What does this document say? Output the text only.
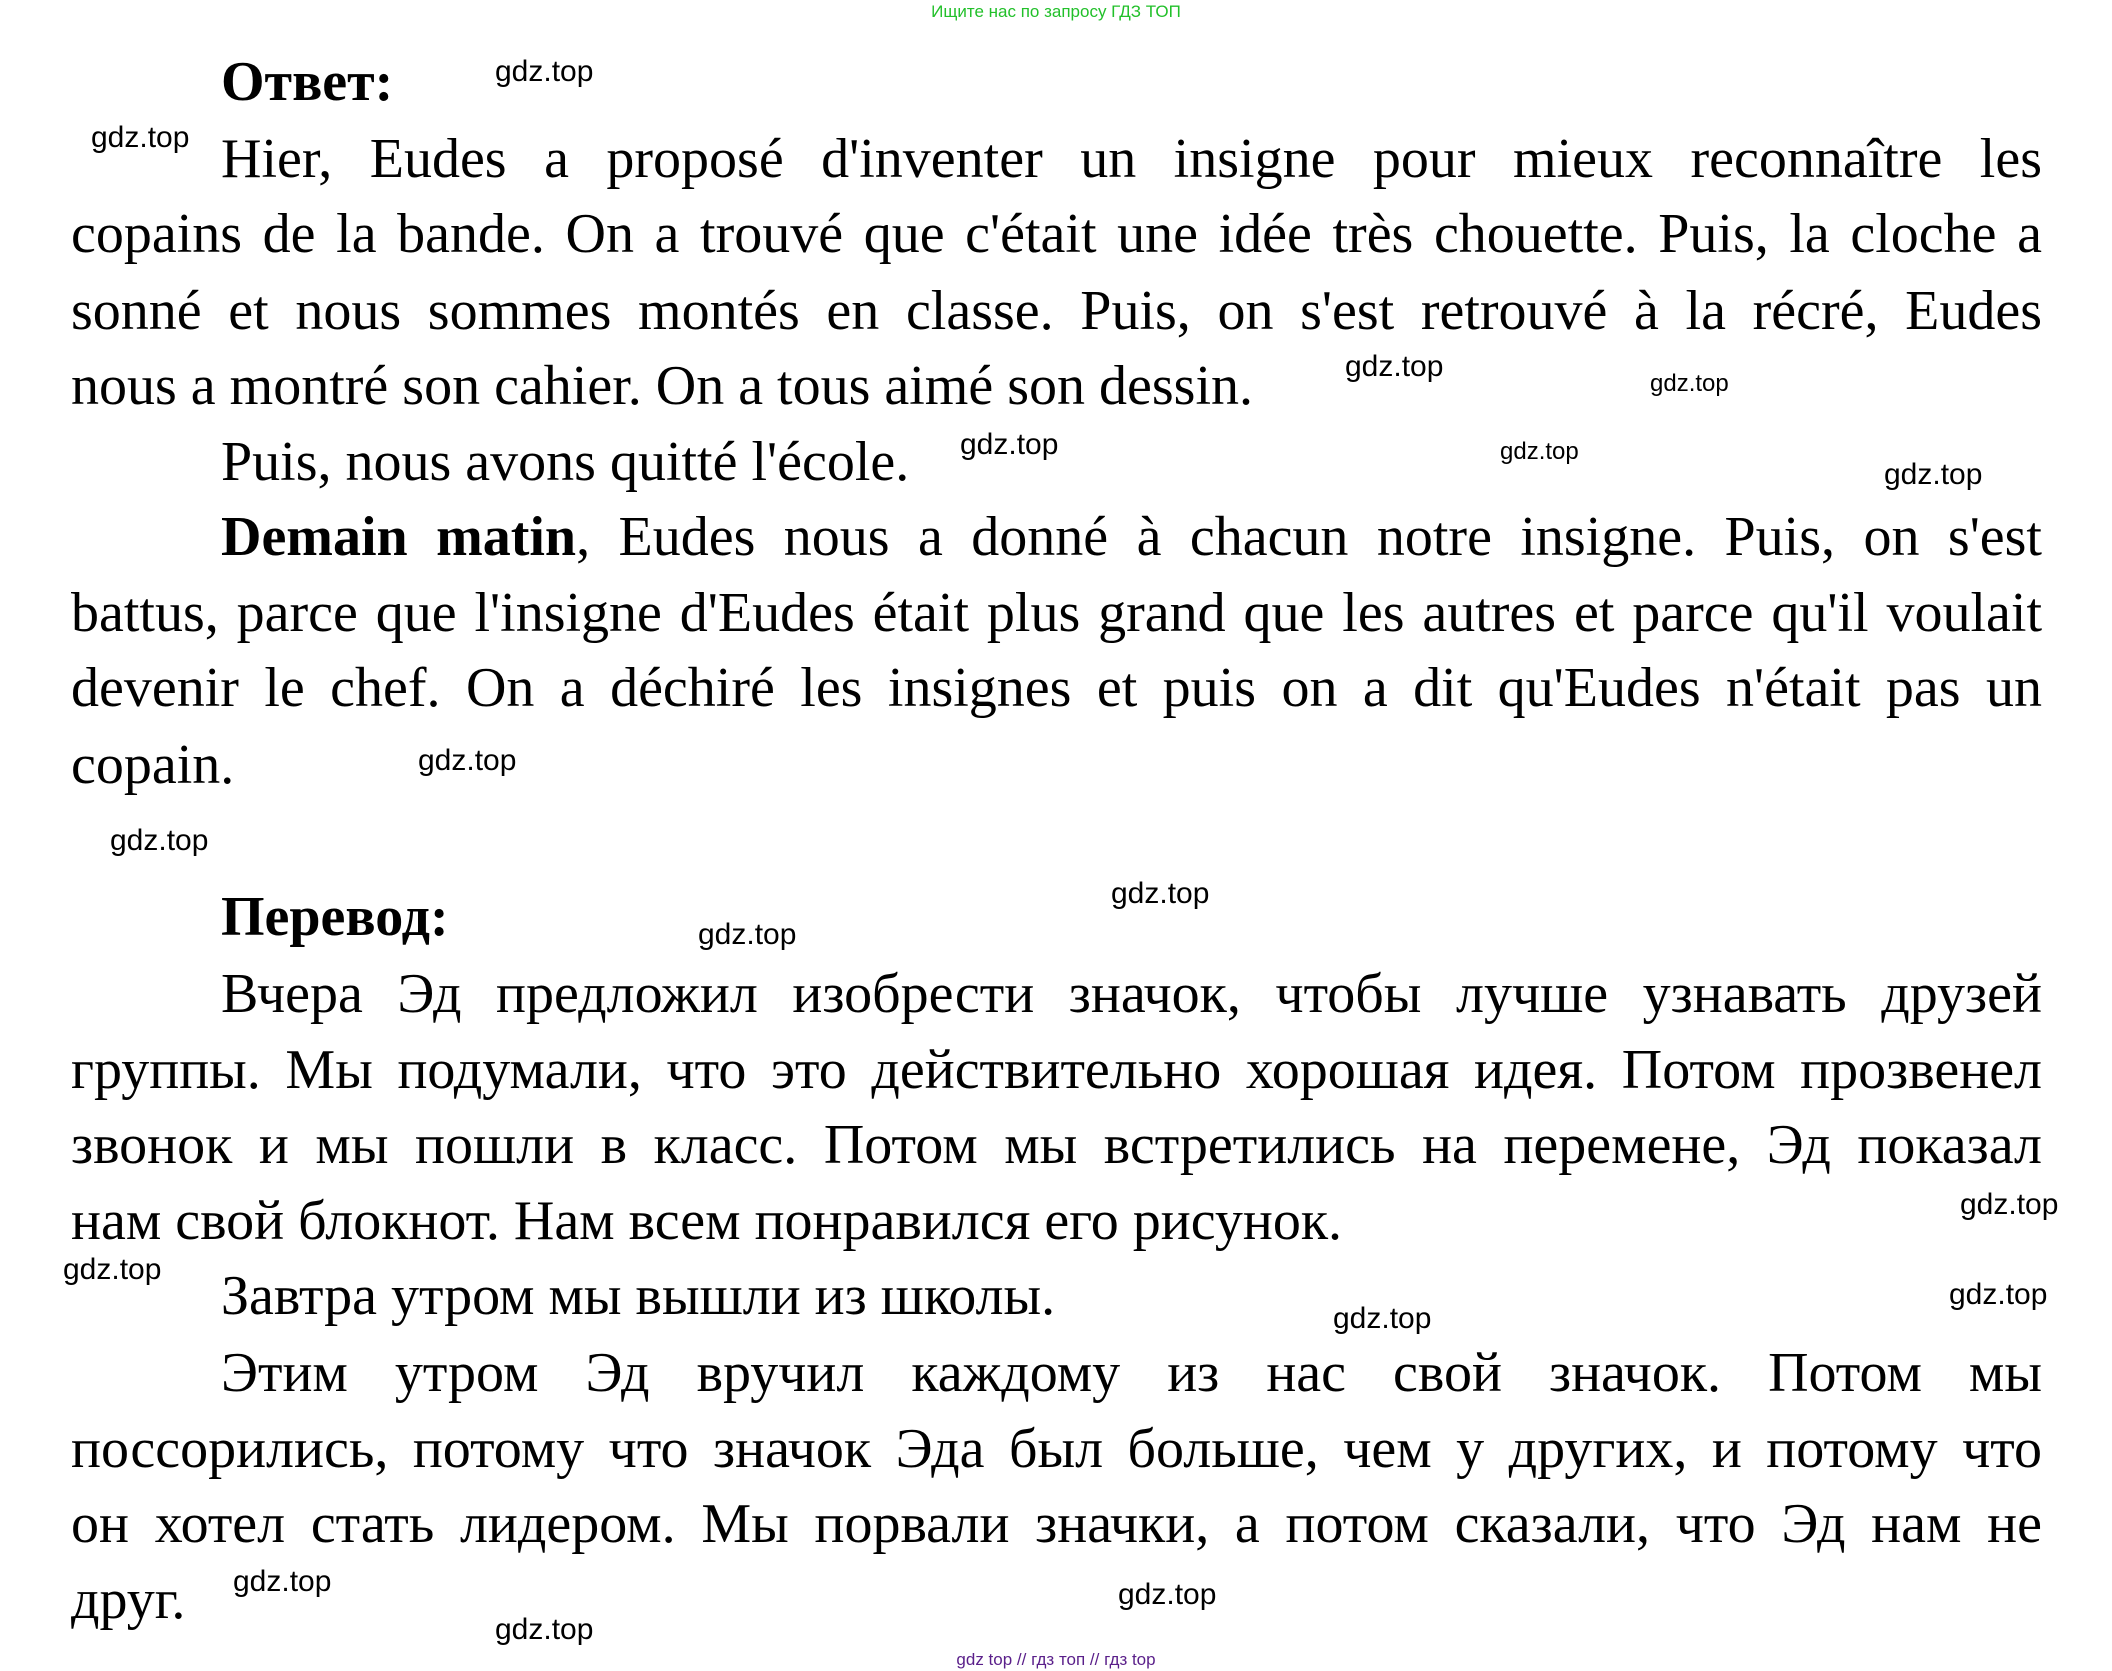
Ищите нас по запросу ГДЗ ТОП
Ответ:
Hier, Eudes a proposé d'inventer un insigne pour mieux reconnaître les
copains de la bande. On a trouvé que c'était une idée très chouette. Puis, la cloche a
sonné et nous sommes montés en classe. Puis, on s'est retrouvé à la récré, Eudes
nous a montré son cahier. On a tous aimé son dessin.
Puis, nous avons quitté l'école.
Demain matin, Eudes nous a donné à chacun notre insigne. Puis, on s'est
battus, parce que l'insigne d'Eudes était plus grand que les autres et parce qu'il voulait
devenir le chef. On a déchiré les insignes et puis on a dit qu'Eudes n'était pas un
copain.
Перевод:
Вчера Эд предложил изобрести значок, чтобы лучше узнавать друзей
группы. Мы подумали, что это действительно хорошая идея. Потом прозвенел
звонок и мы пошли в класс. Потом мы встретились на перемене, Эд показал
нам свой блокнот. Нам всем понравился его рисунок.
Завтра утром мы вышли из школы.
Этим утром Эд вручил каждому из нас свой значок. Потом мы
поссорились, потому что значок Эда был больше, чем у других, и потому что
он хотел стать лидером. Мы порвали значки, а потом сказали, что Эд нам не
друг.
gdz.top
gdz.top
gdz.top
gdz.top
gdz.top
gdz.top
gdz.top
gdz.top
gdz.top
gdz.top
gdz.top
gdz.top
gdz.top
gdz.top
gdz.top
gdz.top
gdz.top
gdz.top
gdz top // гдз топ // гдз top
